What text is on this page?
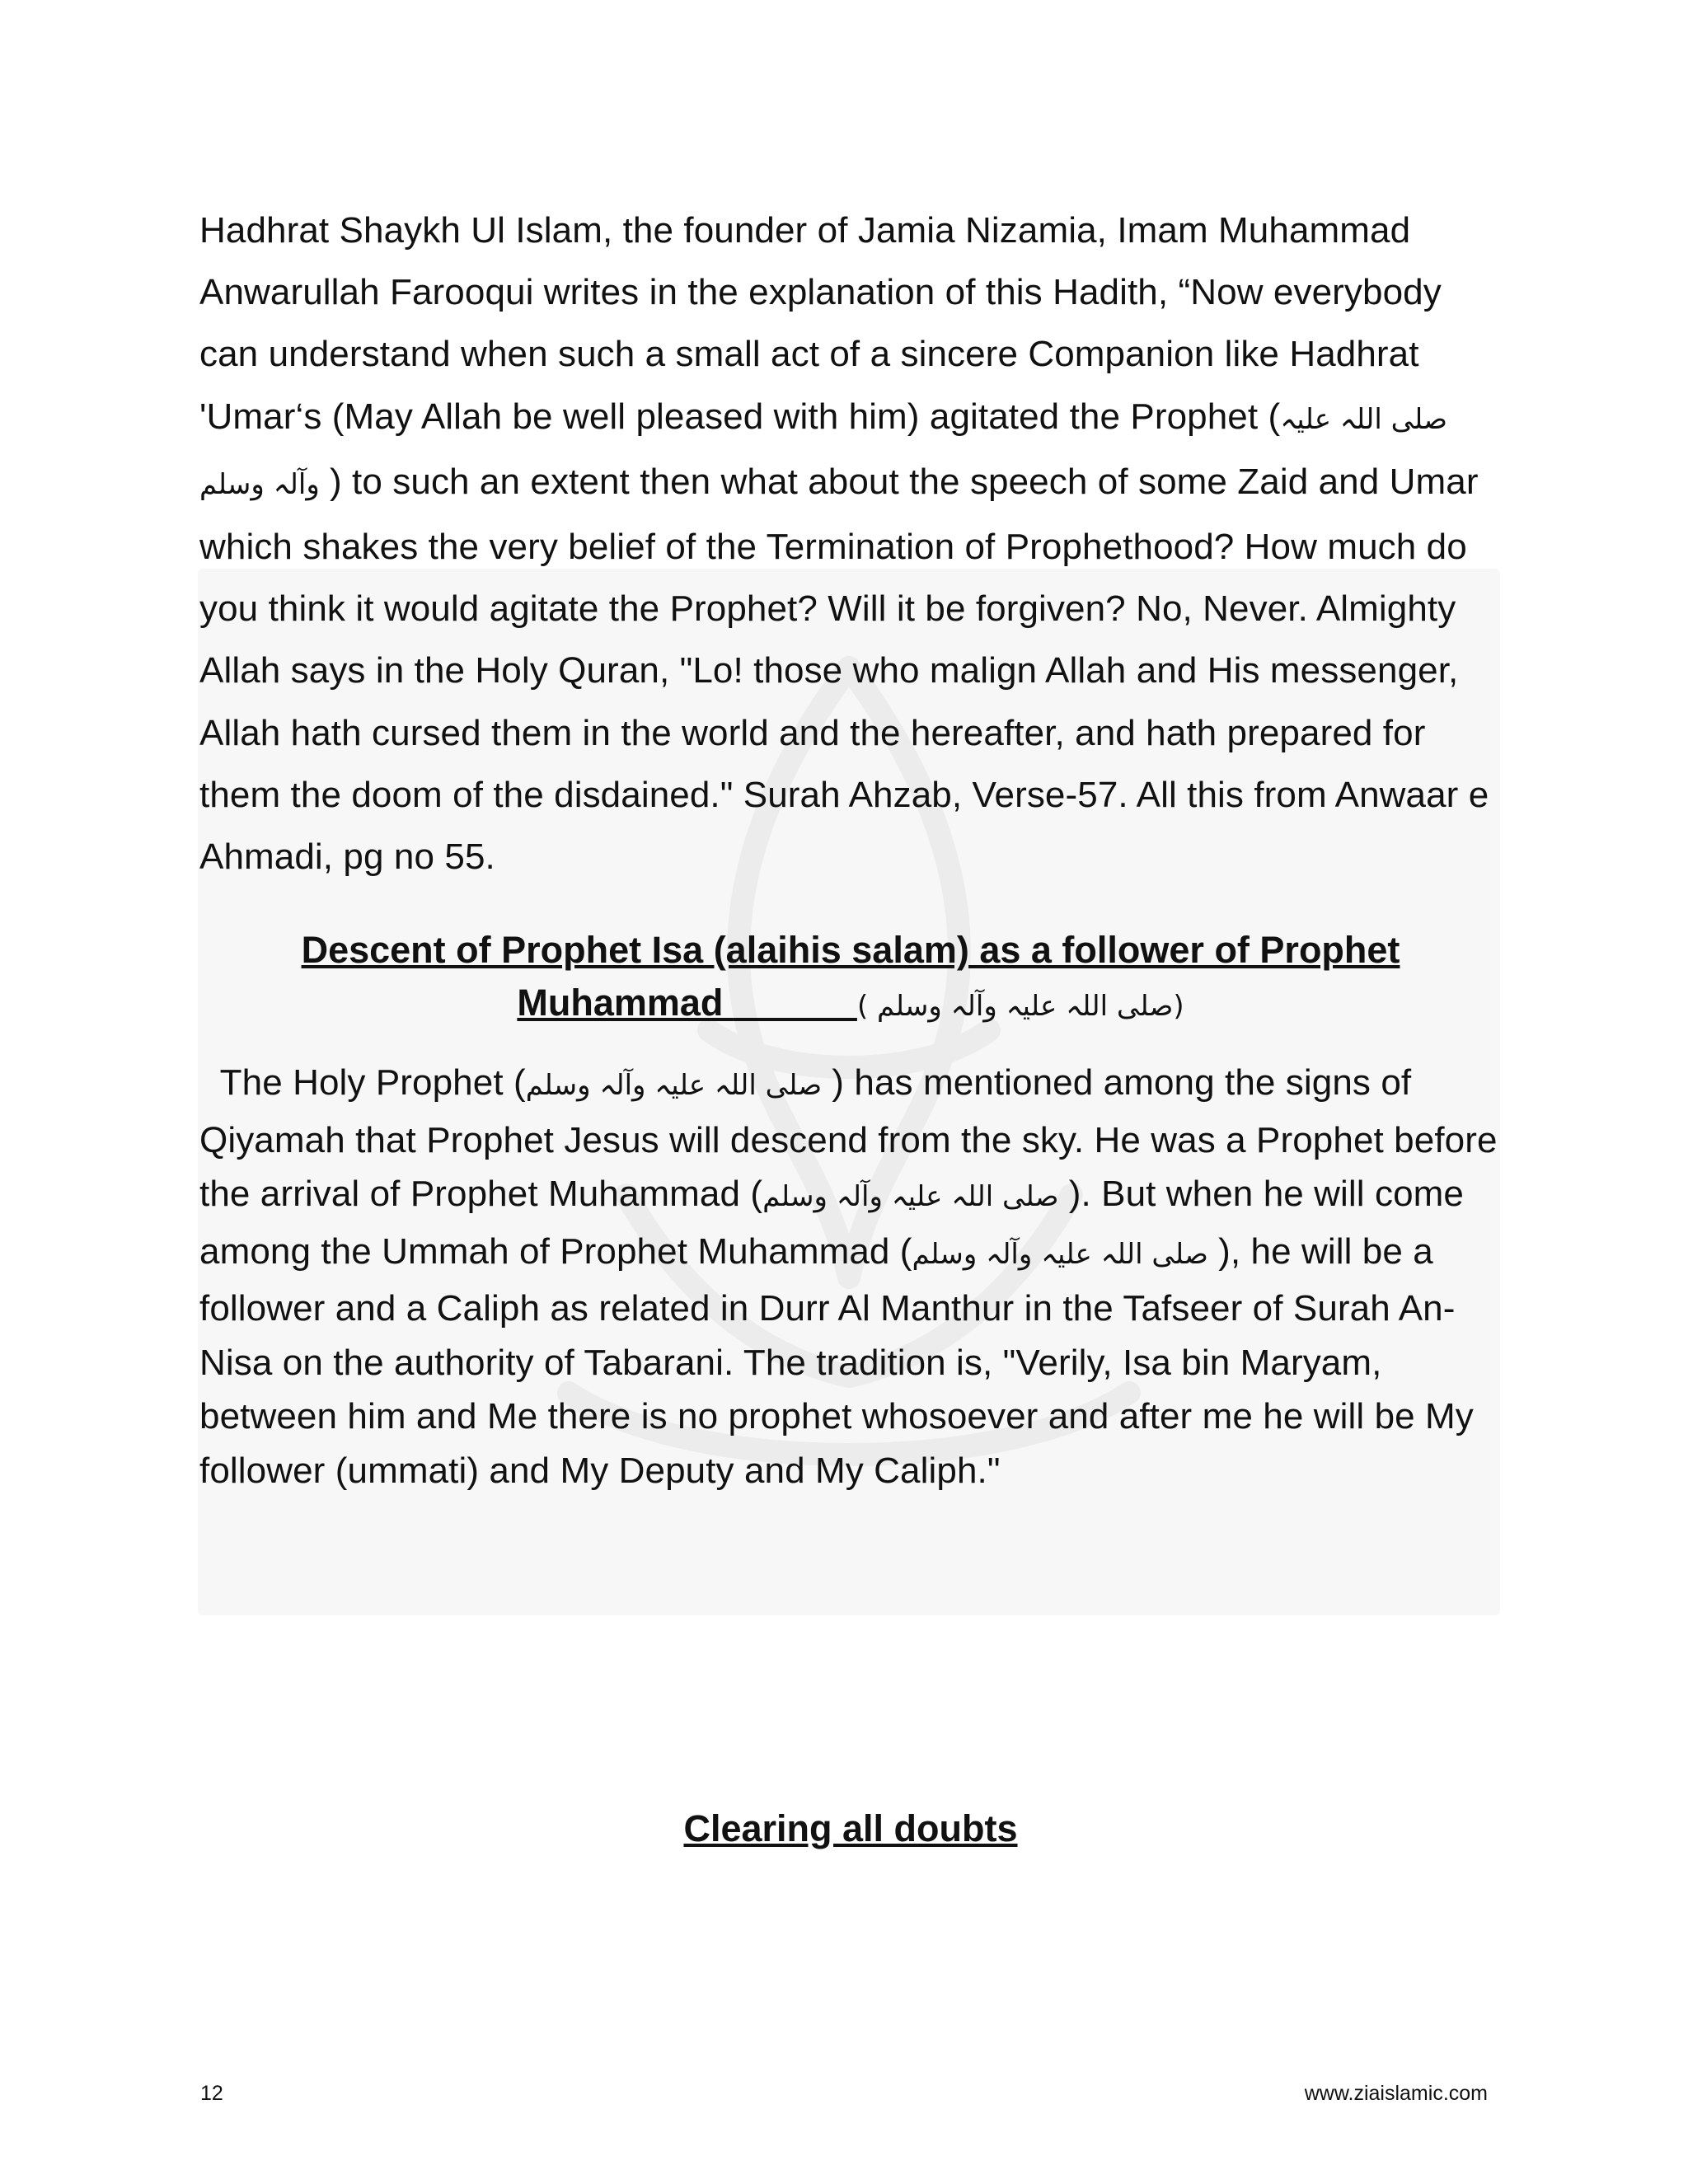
Hadhrat Shaykh Ul Islam, the founder of Jamia Nizamia, Imam Muhammad Anwarullah Farooqui writes in the explanation of this Hadith, “Now everybody can understand when such a small act of a sincere Companion like Hadhrat 'Umar‘s (May Allah be well pleased with him) agitated the Prophet (صلی اللہ علیہ وآلہ وسلم ) to such an extent then what about the speech of some Zaid and Umar which shakes the very belief of the Termination of Prophethood? How much do you think it would agitate the Prophet? Will it be forgiven? No, Never. Almighty Allah says in the Holy Quran, "Lo! those who malign Allah and His messenger, Allah hath cursed them in the world and the hereafter, and hath prepared for them the doom of the disdained." Surah Ahzab, Verse-57. All this from Anwaar e Ahmadi, pg no 55.

Descent of Prophet Isa (alaihis salam) as a follower of Prophet
Muhammad	(صلی اللہ علیہ وآلہ وسلم )

The Holy Prophet (صلی اللہ علیہ وآلہ وسلم ) has mentioned among the signs of Qiyamah that Prophet Jesus will descend from the sky. He was a Prophet before the arrival of Prophet Muhammad (صلی اللہ علیہ وآلہ وسلم ). But when he will come among the Ummah of Prophet Muhammad (صلی اللہ علیہ وآلہ وسلم ), he will be a follower and a Caliph as related in Durr Al Manthur in the Tafseer of Surah An-Nisa on the authority of Tabarani. The tradition is, "Verily, Isa bin Maryam, between him and Me there is no prophet whosoever and after me he will be My follower (ummati) and My Deputy and My Caliph."

Clearing all doubts
12	www.ziaislamic.com
